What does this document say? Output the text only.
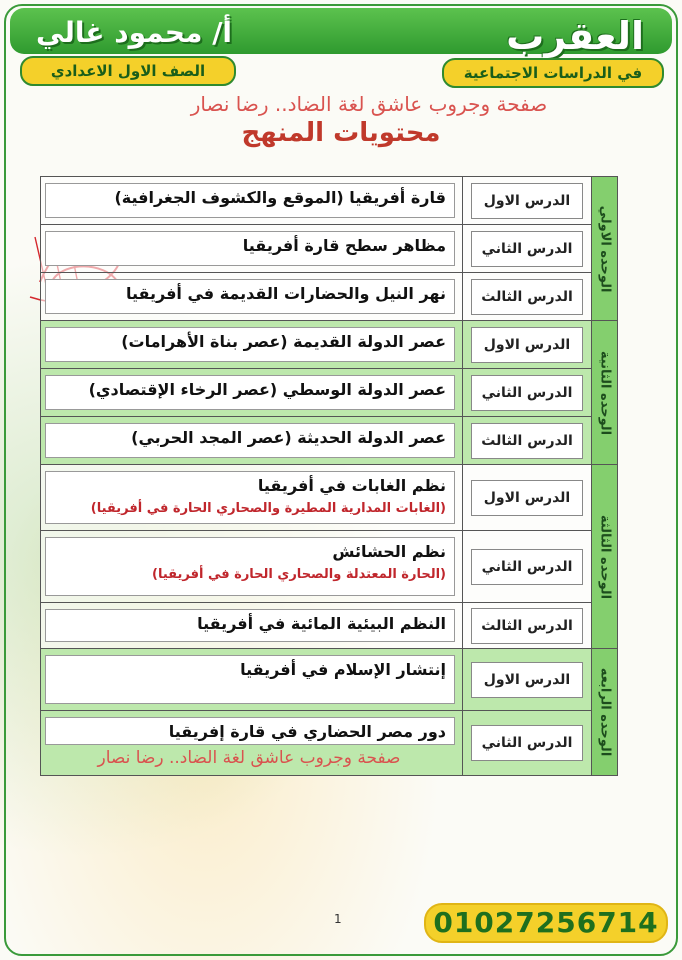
العقرب
أ/ محمود غالي
في الدراسات الاجتماعية
الصف الاول الاعدادي
صفحة وجروب عاشق لغة الضاد.. رضا نصار
محتويات المنهج
الوحده الاولي
الدرس الاول
قارة أفريقيا (الموقع والكشوف الجغرافية)
الدرس الثاني
مظاهر سطح قارة أفريقيا
الدرس الثالث
نهر النيل والحضارات القديمة في أفريقيا
الوحده الثانية
الدرس الاول
عصر الدولة القديمة (عصر بناة الأهرامات)
الدرس الثاني
عصر الدولة الوسطي (عصر الرخاء الإقتصادي)
الدرس الثالث
عصر الدولة الحديثة (عصر المجد الحربي)
الوحده الثالثة
الدرس الاول
نظم الغابات في أفريقيا
(الغابات المدارية المطيرة والصحاري الحارة في أفريقيا)
الدرس الثاني
نظم الحشائش
(الحارة المعتدلة والصحاري الحارة في أفريقيا)
الدرس الثالث
النظم البيئية المائية في أفريقيا
الوحده الرابعه
الدرس الاول
إنتشار الإسلام في أفريقيا
الدرس الثاني
دور مصر الحضاري في قارة إفريقيا
صفحة وجروب عاشق لغة الضاد.. رضا نصار
1	01027256714
